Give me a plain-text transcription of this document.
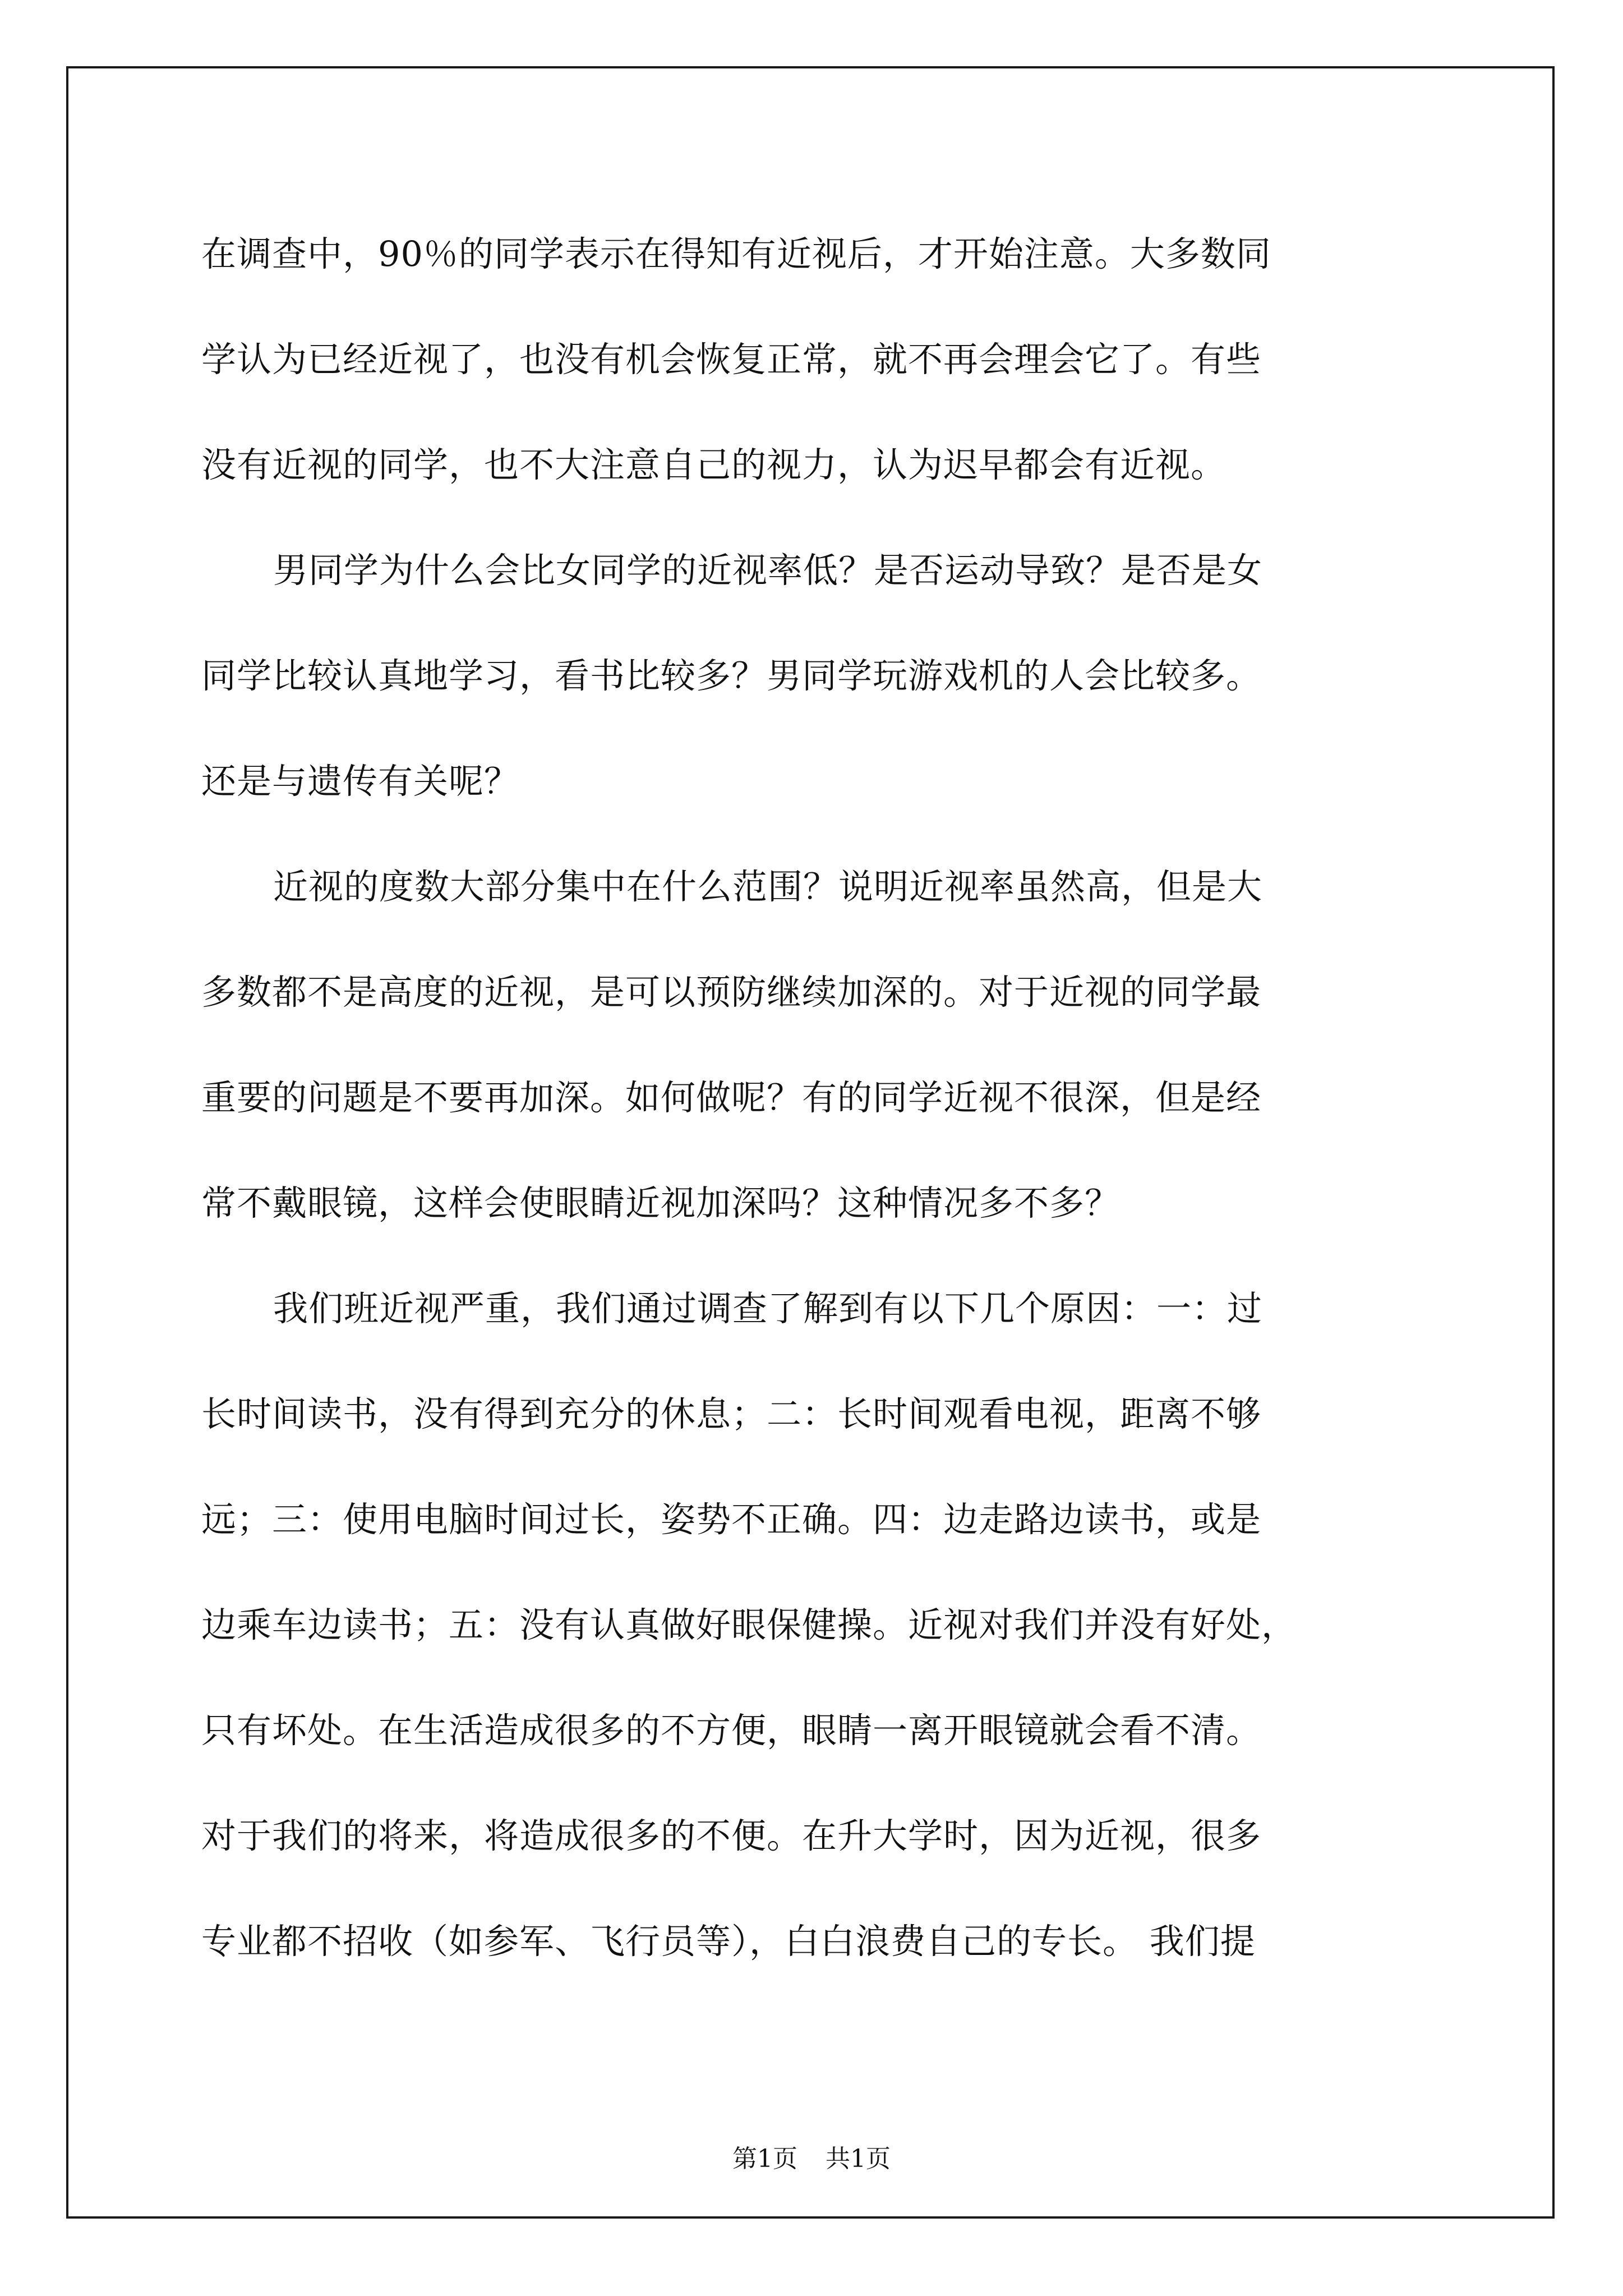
在调查中，90％的同学表示在得知有近视后，才开始注意。大多数同
学认为已经近视了，也没有机会恢复正常，就不再会理会它了。有些
没有近视的同学，也不大注意自己的视力，认为迟早都会有近视。
男同学为什么会比女同学的近视率低？是否运动导致？是否是女
同学比较认真地学习，看书比较多？男同学玩游戏机的人会比较多。
还是与遗传有关呢？
近视的度数大部分集中在什么范围？说明近视率虽然高，但是大
多数都不是高度的近视，是可以预防继续加深的。对于近视的同学最
重要的问题是不要再加深。如何做呢？有的同学近视不很深，但是经
常不戴眼镜，这样会使眼睛近视加深吗？这种情况多不多？
我们班近视严重，我们通过调查了解到有以下几个原因：一：过
长时间读书，没有得到充分的休息；二：长时间观看电视，距离不够
远；三：使用电脑时间过长，姿势不正确。四：边走路边读书，或是
边乘车边读书；五：没有认真做好眼保健操。近视对我们并没有好处，
只有坏处。在生活造成很多的不方便，眼睛一离开眼镜就会看不清。
对于我们的将来，将造成很多的不便。在升大学时，因为近视，很多
专业都不招收（如参军、飞行员等），白白浪费自己的专长。 我们提
第1页 共1页
